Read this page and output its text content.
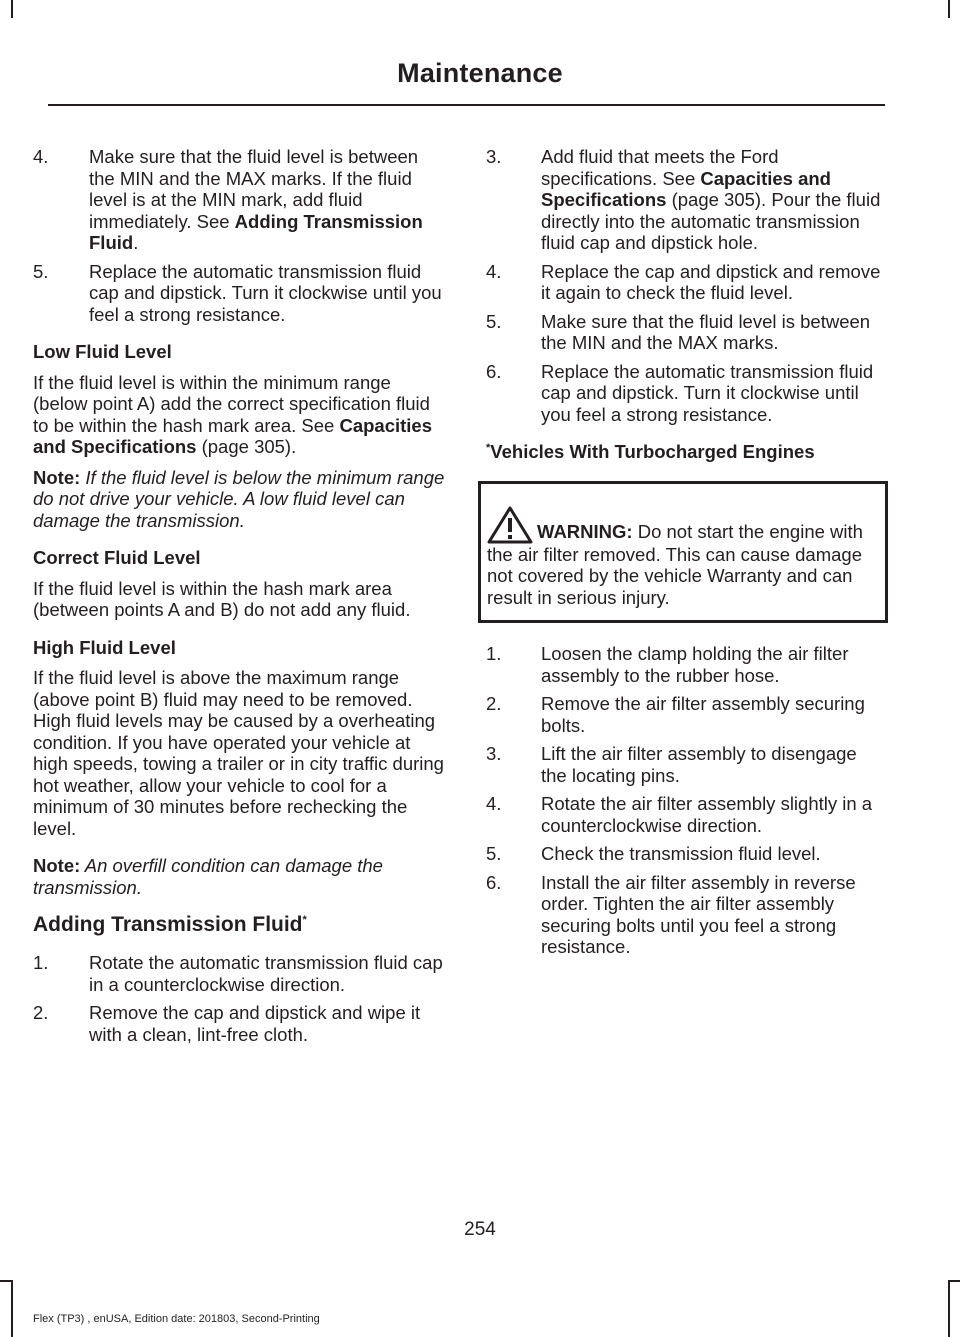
Maintenance

4.	Make sure that the fluid level is between the MIN and the MAX marks. If the fluid level is at the MIN mark, add fluid immediately. See Adding Transmission Fluid.

5.	Replace the automatic transmission fluid cap and dipstick. Turn it clockwise until you feel a strong resistance.

Low Fluid Level

If the fluid level is within the minimum range (below point A) add the correct specification fluid to be within the hash mark area. See Capacities and Specifications (page 305).

Note: If the fluid level is below the minimum range do not drive your vehicle. A low fluid level can damage the transmission.

Correct Fluid Level

If the fluid level is within the hash mark area (between points A and B) do not add any fluid.

High Fluid Level

If the fluid level is above the maximum range (above point B) fluid may need to be removed. High fluid levels may be caused by a overheating condition. If you have operated your vehicle at high speeds, towing a trailer or in city traffic during hot weather, allow your vehicle to cool for a minimum of 30 minutes before rechecking the level.

Note: An overfill condition can damage the transmission.

Adding Transmission Fluid*

1.	Rotate the automatic transmission fluid cap in a counterclockwise direction.

2.	Remove the cap and dipstick and wipe it with a clean, lint-free cloth.

3.	Add fluid that meets the Ford specifications. See Capacities and Specifications (page 305). Pour the fluid directly into the automatic transmission fluid cap and dipstick hole.

4.	Replace the cap and dipstick and remove it again to check the fluid level.

5.	Make sure that the fluid level is between the MIN and the MAX marks.

6.	Replace the automatic transmission fluid cap and dipstick. Turn it clockwise until you feel a strong resistance.

*Vehicles With Turbocharged Engines

WARNING: Do not start the engine with the air filter removed. This can cause damage not covered by the vehicle Warranty and can result in serious injury.

1.	Loosen the clamp holding the air filter assembly to the rubber hose.

2.	Remove the air filter assembly securing bolts.

3.	Lift the air filter assembly to disengage the locating pins.

4.	Rotate the air filter assembly slightly in a counterclockwise direction.

5.	Check the transmission fluid level.

6.	Install the air filter assembly in reverse order. Tighten the air filter assembly securing bolts until you feel a strong resistance.

254
Flex (TP3) , enUSA, Edition date: 201803, Second-Printing
